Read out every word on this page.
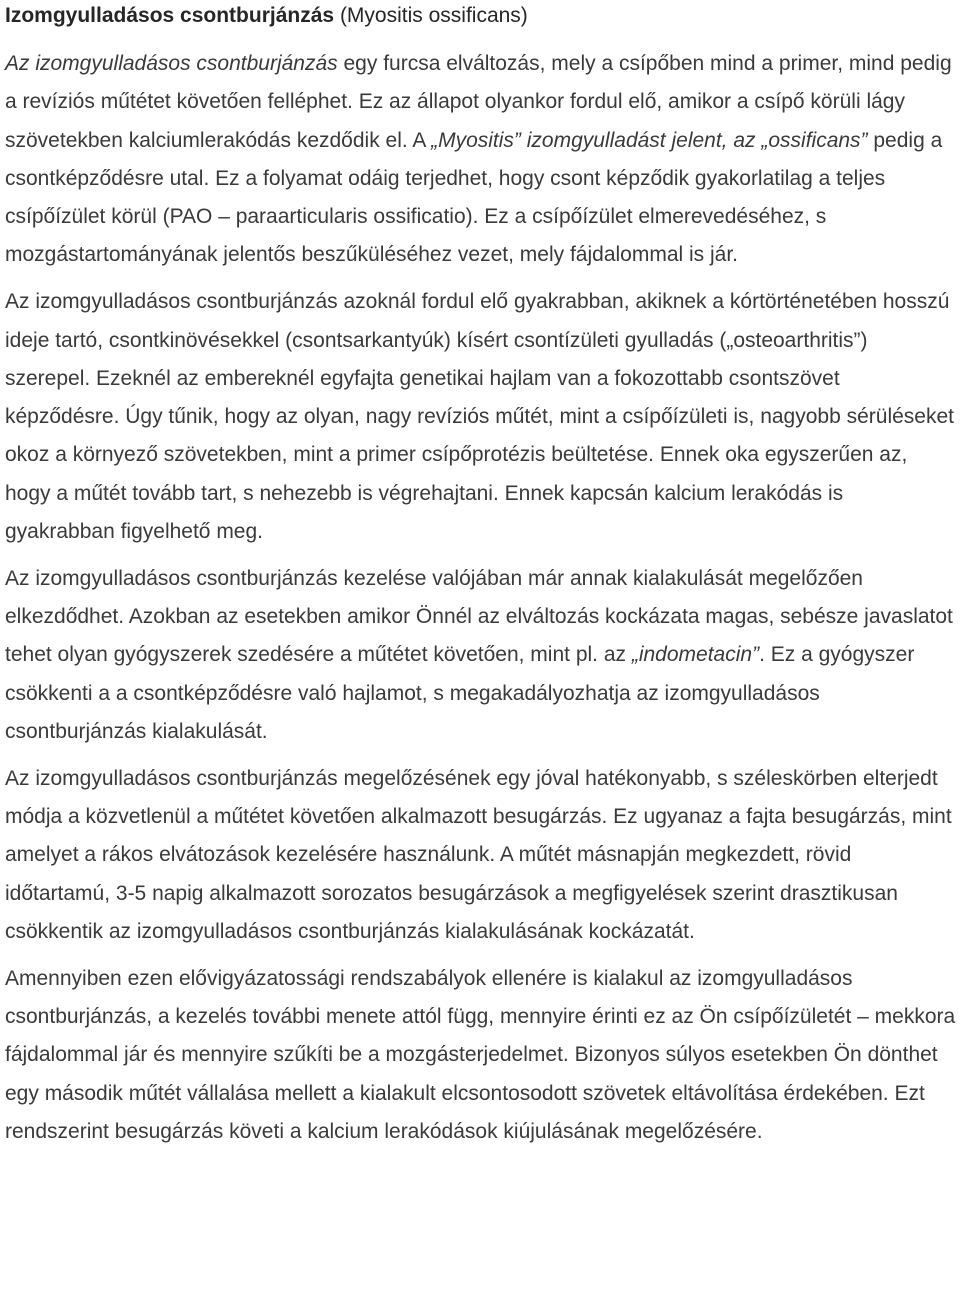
Izomgyulladásos csontburjánzás (Myositis ossificans)

Az izomgyulladásos csontburjánzás egy furcsa elváltozás, mely a csípőben mind a primer, mind pedig a revíziós műtétet követően felléphet. Ez az állapot olyankor fordul elő, amikor a csípő körüli lágy szövetekben kalciumlerakódás kezdődik el. A „Myositis” izomgyulladást jelent, az „ossificans” pedig a csontképződésre utal. Ez a folyamat odáig terjedhet, hogy csont képződik gyakorlatilag a teljes csípőízület körül (PAO – paraarticularis ossificatio). Ez a csípőízület elmerevedéséhez, s mozgástartományának jelentős beszűküléséhez vezet, mely fájdalommal is jár.

Az izomgyulladásos csontburjánzás azoknál fordul elő gyakrabban, akiknek a kórtörténetében hosszú ideje tartó, csontkinövésekkel (csontsarkantyúk) kísért csontízületi gyulladás („osteoarthritis”) szerepel. Ezeknél az embereknél egyfajta genetikai hajlam van a fokozottabb csontszövet képződésre. Úgy tűnik, hogy az olyan, nagy revíziós műtét, mint a csípőízületi is, nagyobb sérüléseket okoz a környező szövetekben, mint a primer csípőprotézis beültetése. Ennek oka egyszerűen az, hogy a műtét tovább tart, s nehezebb is végrehajtani. Ennek kapcsán kalcium lerakódás is gyakrabban figyelhető meg.

Az izomgyulladásos csontburjánzás kezelése valójában már annak kialakulását megelőzően elkezdődhet. Azokban az esetekben amikor Önnél az elváltozás kockázata magas, sebésze javaslatot tehet olyan gyógyszerek szedésére a műtétet követően, mint pl. az „indometacin”. Ez a gyógyszer csökkenti a a csontképződésre való hajlamot, s megakadályozhatja az izomgyulladásos csontburjánzás kialakulását.

Az izomgyulladásos csontburjánzás megelőzésének egy jóval hatékonyabb, s széleskörben elterjedt módja a közvetlenül a műtétet követően alkalmazott besugárzás. Ez ugyanaz a fajta besugárzás, mint amelyet a rákos elvátozások kezelésére használunk. A műtét másnapján megkezdett, rövid időtartamú, 3-5 napig alkalmazott sorozatos besugárzások a megfigyelések szerint drasztikusan csökkentik az izomgyulladásos csontburjánzás kialakulásának kockázatát.

Amennyiben ezen elővigyázatossági rendszabályok ellenére is kialakul az izomgyulladásos csontburjánzás, a kezelés további menete attól függ, mennyire érinti ez az Ön csípőízületét – mekkora fájdalommal jár és mennyire szűkíti be a mozgásterjedelmet. Bizonyos súlyos esetekben Ön dönthet egy második műtét vállalása mellett a kialakult elcsontosodott szövetek eltávolítása érdekében. Ezt rendszerint besugárzás követi a kalcium lerakódások kiújulásának megelőzésére.
